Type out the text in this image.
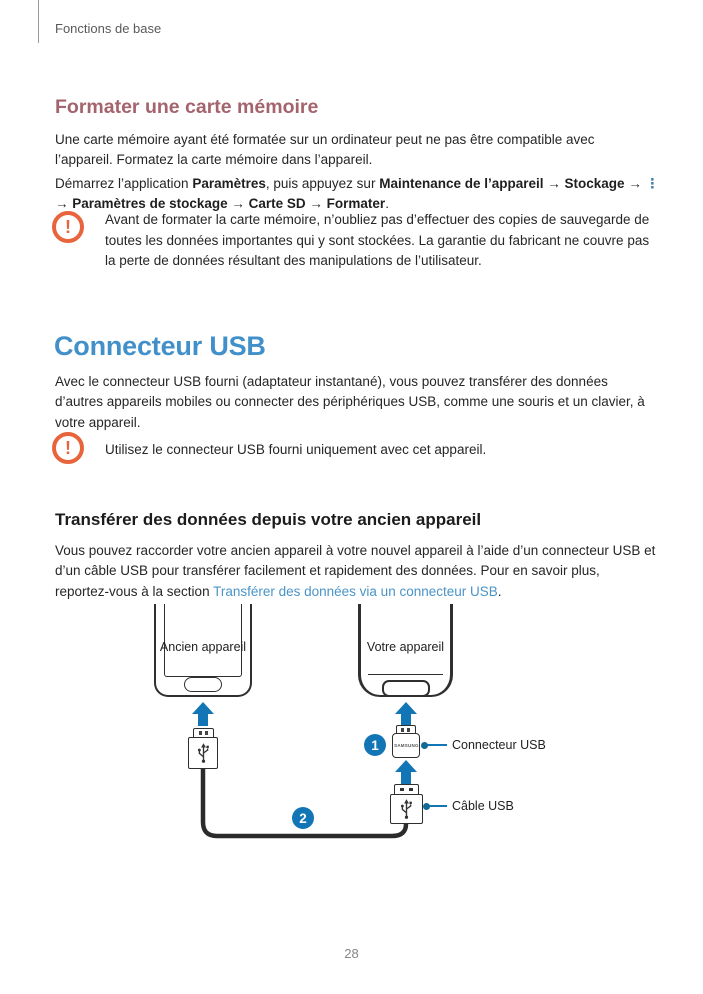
Fonctions de base
Formater une carte mémoire

Une carte mémoire ayant été formatée sur un ordinateur peut ne pas être compatible avec l’appareil. Formatez la carte mémoire dans l’appareil.

Démarrez l’application Paramètres, puis appuyez sur Maintenance de l’appareil → Stockage → ⋮
→ Paramètres de stockage → Carte SD → Formater.

!	Avant de formater la carte mémoire, n’oubliez pas d’effectuer des copies de sauvegarde de toutes les données importantes qui y sont stockées. La garantie du fabricant ne couvre pas la perte de données résultant des manipulations de l’utilisateur.
Connecteur USB

Avec le connecteur USB fourni (adaptateur instantané), vous pouvez transférer des données d’autres appareils mobiles ou connecter des périphériques USB, comme une souris et un clavier, à votre appareil.

!	Utilisez le connecteur USB fourni uniquement avec cet appareil.
Transférer des données depuis votre ancien appareil

Vous pouvez raccorder votre ancien appareil à votre nouvel appareil à l’aide d’un connecteur USB et d’un câble USB pour transférer facilement et rapidement des données. Pour en savoir plus, reportez-vous à la section Transférer des données via un connecteur USB.

Ancien appareil	Votre appareil
SAMSUNG
1
2
Connecteur USB
Câble USB
28
